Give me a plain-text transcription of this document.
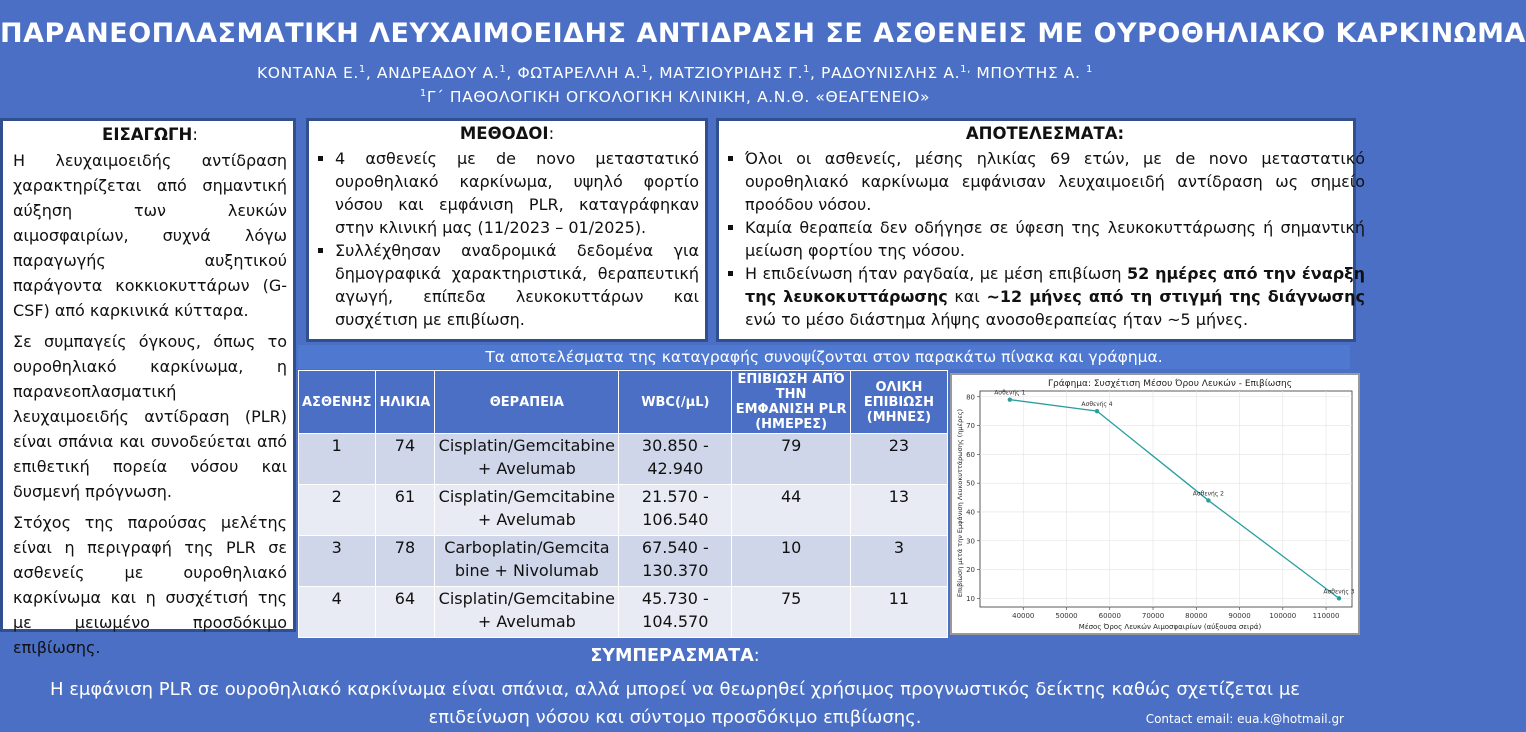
ΠΑΡΑΝΕΟΠΛΑΣΜΑΤΙΚΗ ΛΕΥΧΑΙΜΟΕΙΔΗΣ ΑΝΤΙΔΡΑΣΗ ΣΕ ΑΣΘΕΝΕΙΣ ΜΕ ΟΥΡΟΘΗΛΙΑΚΟ ΚΑΡΚΙΝΩΜΑ
ΚΟΝΤΑΝΑ Ε.$^1$, ΑΝΔΡΕΑΔΟΥ Α.$^1$, ΦΩΤΑΡΕΛΛΗ Α.$^1$, ΜΑΤΖΙΟΥΡΙΔΗΣ Γ.$^1$, ΡΑΔΟΥΝΙΣΛΗΣ Α.$^{1,}$ ΜΠΟΥΤΗΣ Α. $^1$
$^1$Γ΄ ΠΑΘΟΛΟΓΙΚΗ ΟΓΚΟΛΟΓΙΚΗ ΚΛΙΝΙΚΗ, Α.Ν.Θ. «ΘΕΑΓΕΝΕΙΟ»
ΕΙΣΑΓΩΓΗ:

Η λευχαιμοειδής αντίδραση χαρακτηρίζεται από σημαντική αύξηση των λευκών αιμοσφαιρίων, συχνά λόγω παραγωγής αυξητικού παράγοντα κοκκιοκυττάρων (G-CSF) από καρκινικά κύτταρα.

Σε συμπαγείς όγκους, όπως το ουροθηλιακό καρκίνωμα, η παρανεοπλασματική λευχαιμοειδής αντίδραση (PLR) είναι σπάνια και συνοδεύεται από επιθετική πορεία νόσου και δυσμενή πρόγνωση.

Στόχος της παρούσας μελέτης είναι η περιγραφή της PLR σε ασθενείς με ουροθηλιακό καρκίνωμα και η συσχέτισή της με μειωμένο προσδόκιμο επιβίωσης.

ΜΕΘΟΔΟΙ:
▪ 4 ασθενείς με de novo μεταστατικό ουροθηλιακό καρκίνωμα, υψηλό φορτίο νόσου και εμφάνιση PLR, καταγράφηκαν στην κλινική μας (11/2023 – 01/2025).
▪ Συλλέχθησαν αναδρομικά δεδομένα για δημογραφικά χαρακτηριστικά, θεραπευτική αγωγή, επίπεδα λευκοκυττάρων και συσχέτιση με επιβίωση.
ΑΠΟΤΕΛΕΣΜΑΤΑ:
▪ Όλοι οι ασθενείς, μέσης ηλικίας 69 ετών, με de novo μεταστατικό ουροθηλιακό καρκίνωμα εμφάνισαν λευχαιμοειδή αντίδραση ως σημείο προόδου νόσου.
▪ Καμία θεραπεία δεν οδήγησε σε ύφεση της λευκοκυττάρωσης ή σημαντική μείωση φορτίου της νόσου.
▪ Η επιδείνωση ήταν ραγδαία, με μέση επιβίωση 52 ημέρες από την έναρξη της λευκοκυττάρωσης και ~12 μήνες από τη στιγμή της διάγνωσης ενώ το μέσο διάστημα λήψης ανοσοθεραπείας ήταν ~5 μήνες.
Τα αποτελέσματα της καταγραφής συνοψίζονται στον παρακάτω πίνακα και γράφημα.
ΑΣΘΕΝΗΣ	ΗΛΙΚΙΑ	ΘΕΡΑΠΕΙΑ	WBC(/μL)	ΕΠΙΒΙΩΣΗ ΑΠΌ ΤΗΝ ΕΜΦΑΝΙΣΗ PLR (ΗΜΕΡΕΣ)	ΟΛΙΚΗ ΕΠΙΒΙΩΣΗ (ΜΗΝΕΣ)
1	74	Cisplatin/Gemcitabine + Avelumab	30.850 - 42.940	79	23
2	61	Cisplatin/Gemcitabine + Avelumab	21.570 - 106.540	44	13
3	78	Carboplatin/Gemcita bine + Nivolumab	67.540 - 130.370	10	3
4	64	Cisplatin/Gemcitabine + Avelumab	45.730 - 104.570	75	11
Γράφημα: Συσχέτιση Μέσου Όρου Λευκών - Επιβίωσης
Μέσος Όρος Λευκών Αιμοσφαιρίων (αύξουσα σειρά)
Επιβίωση μετά την Εμφάνιση Λευκοκυττάρωσης (ημέρες)
40000	50000	60000	70000	80000	90000	100000 110000
10
20
30
40
50
60
70
80
Ασθενής 1
Ασθενής 4
Ασθενής 2
Ασθενής 3
ΣΥΜΠΕΡΑΣΜΑΤΑ:

Η εμφάνιση PLR σε ουροθηλιακό καρκίνωμα είναι σπάνια, αλλά μπορεί να θεωρηθεί χρήσιμος προγνωστικός δείκτης καθώς σχετίζεται με επιδείνωση νόσου και σύντομο προσδόκιμο επιβίωσης.	Contact email: eua.k@hotmail.gr
